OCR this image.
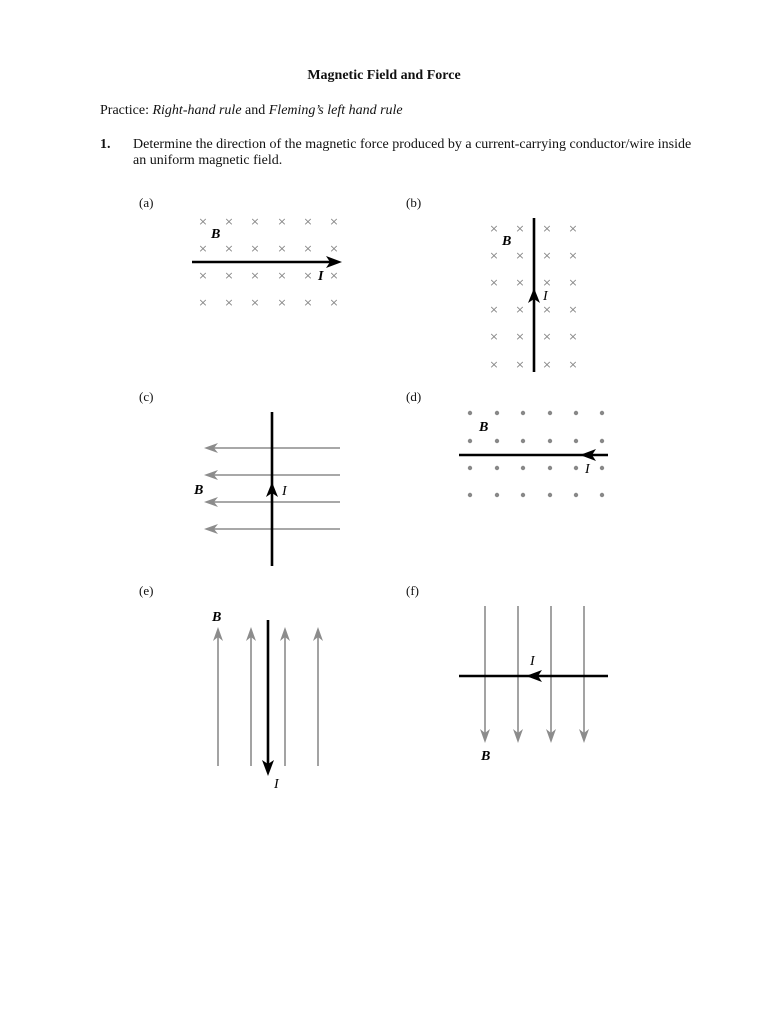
Magnetic Field and Force
Practice: Right-hand rule and Fleming’s left hand rule
1. Determine the direction of the magnetic force produced by a current-carrying conductor/wire inside an uniform magnetic field.
(a)	(b)
(c)	(d)
(e)	(f)
× × × × × ×
× × × × × ×
× × × × × ×
× × × × × ×
B
I
× × × ×
× × × ×
× × × ×
× × × ×
× × × ×
× × × ×
B
I
B	I
B
I
B
I
B
I
